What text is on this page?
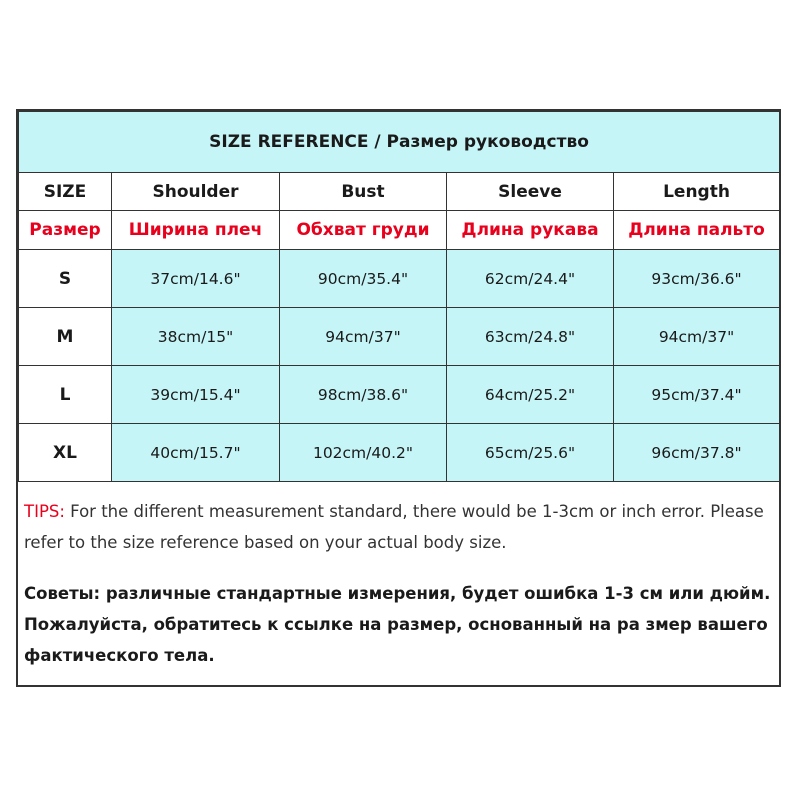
SIZE REFERENCE / Размер руководство				
SIZE	Shoulder	Bust	Sleeve	Length
Размер	Ширина плеч	Обхват груди	Длина рукава	Длина пальто
S	37cm/14.6"	90cm/35.4"	62cm/24.4"	93cm/36.6"
M	38cm/15"	94cm/37"	63cm/24.8"	94cm/37"
L	39cm/15.4"	98cm/38.6"	64cm/25.2"	95cm/37.4"
XL	40cm/15.7"	102cm/40.2"	65cm/25.6"	96cm/37.8"
TIPS: For the different measurement standard, there would be 1-3cm or inch error. Please refer to the size reference based on your actual body size.
Советы: различные стандартные измерения, будет ошибка 1-3 см или дюйм. Пожалуйста, обратитесь к ссылке на размер, основанный на ра змер вашего фактического тела.
